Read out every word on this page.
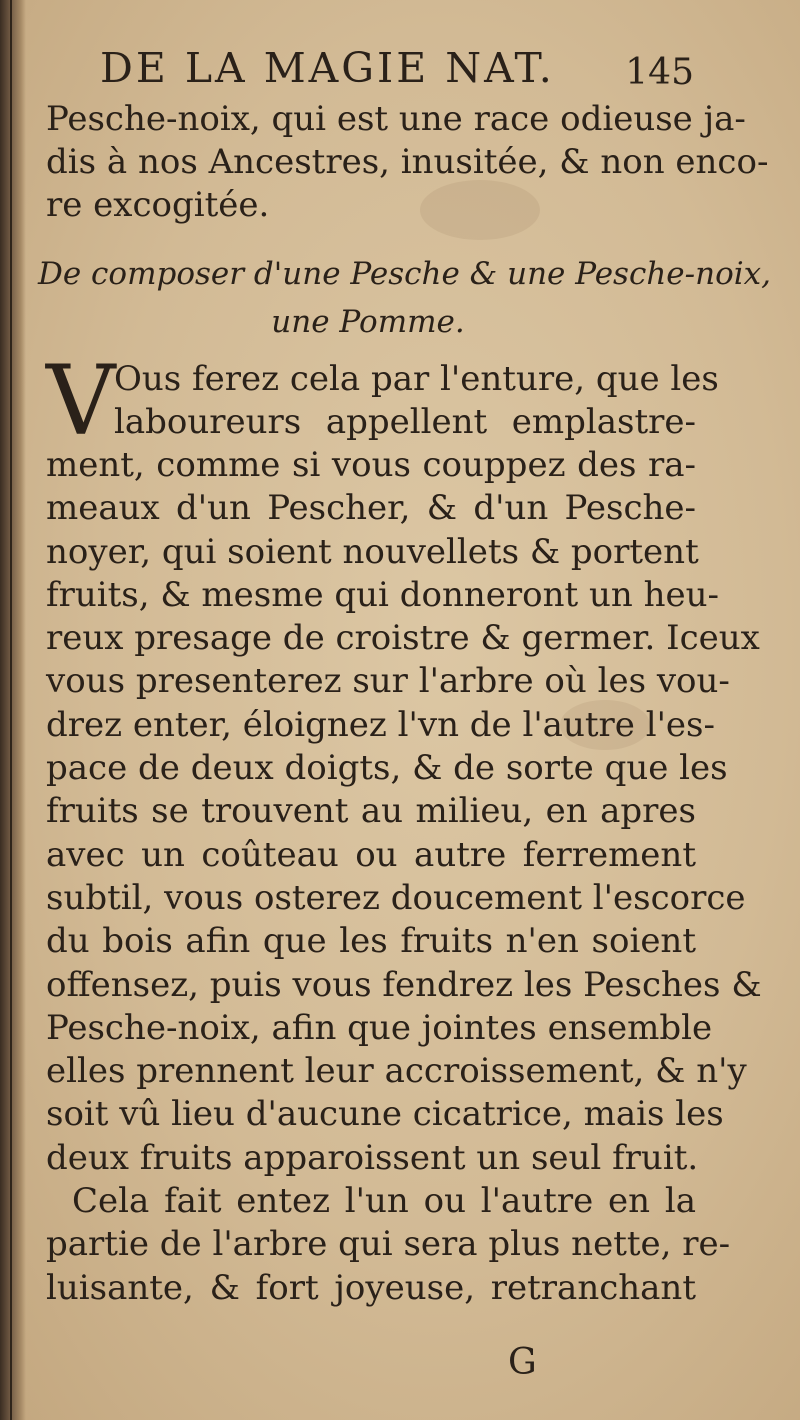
DE LA MAGIE NAT. 145
Pesche-noix, qui est une race odieuse ja-
dis à nos Ancestres, inusitée, & non enco-
re excogitée.
De composer d'une Pesche & une Pesche-noix,
une Pomme.
V
Ous ferez cela par l'enture, que les
laboureurs appellent emplastre-
ment, comme si vous couppez des ra-
meaux d'un Pescher, & d'un Pesche-
noyer, qui soient nouvellets & portent
fruits, & mesme qui donneront un heu-
reux presage de croistre & germer. Iceux
vous presenterez sur l'arbre où les vou-
drez enter, éloignez l'vn de l'autre l'es-
pace de deux doigts, & de sorte que les
fruits se trouvent au milieu, en apres
avec un coûteau ou autre ferrement
subtil, vous osterez doucement l'escorce
du bois afin que les fruits n'en soient
offensez, puis vous fendrez les Pesches &
Pesche-noix, afin que jointes ensemble
elles prennent leur accroissement, & n'y
soit vû lieu d'aucune cicatrice, mais les
deux fruits apparoissent un seul fruit.
Cela fait entez l'un ou l'autre en la
partie de l'arbre qui sera plus nette, re-
luisante, & fort joyeuse, retranchant
G
